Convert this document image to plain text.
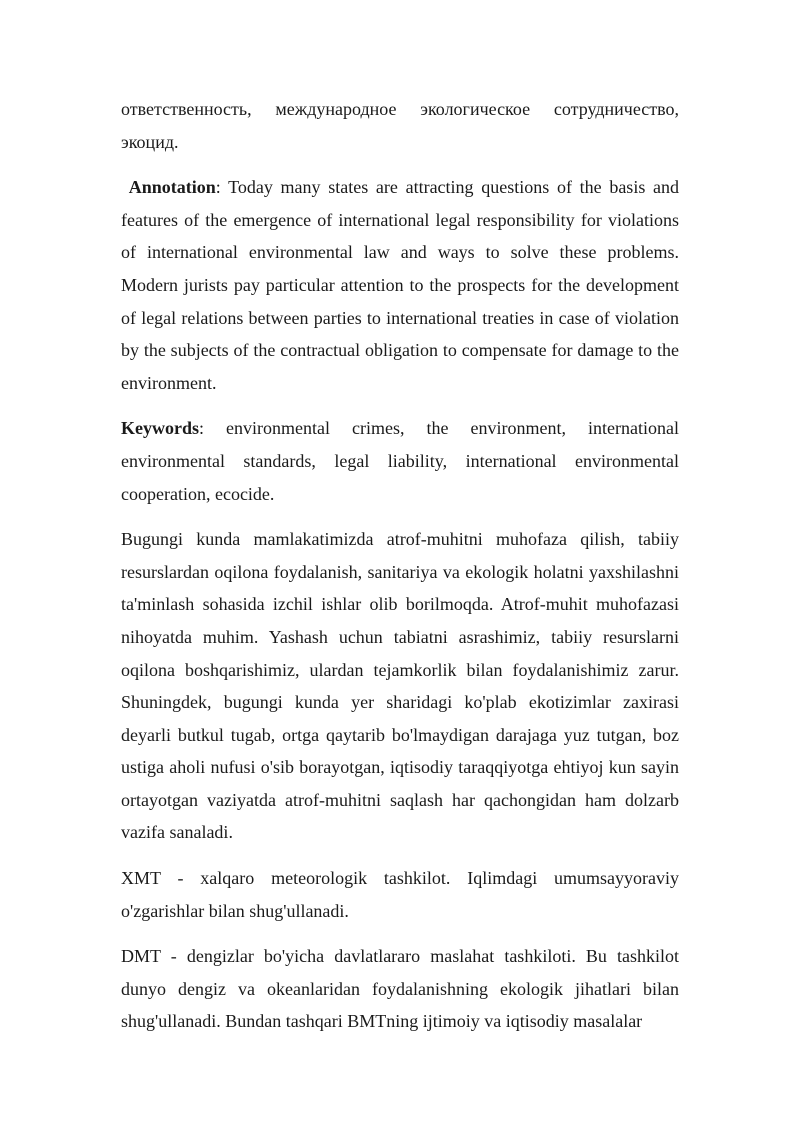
ответственность, международное экологическое сотрудничество, экоцид.

Annotation: Today many states are attracting questions of the basis and features of the emergence of international legal responsibility for violations of international environmental law and ways to solve these problems. Modern jurists pay particular attention to the prospects for the development of legal relations between parties to international treaties in case of violation by the subjects of the contractual obligation to compensate for damage to the environment.

Keywords: environmental crimes, the environment, international environmental standards, legal liability, international environmental cooperation, ecocide.

Bugungi kunda mamlakatimizda atrof-muhitni muhofaza qilish, tabiiy resurslardan oqilona foydalanish, sanitariya va ekologik holatni yaxshilashni ta'minlash sohasida izchil ishlar olib borilmoqda. Atrof-muhit muhofazasi nihoyatda muhim. Yashash uchun tabiatni asrashimiz, tabiiy resurslarni oqilona boshqarishimiz, ulardan tejamkorlik bilan foydalanishimiz zarur. Shuningdek, bugungi kunda yer sharidagi ko'plab ekotizimlar zaxirasi deyarli butkul tugab, ortga qaytarib bo'lmaydigan darajaga yuz tutgan, boz ustiga aholi nufusi o'sib borayotgan, iqtisodiy taraqqiyotga ehtiyoj kun sayin ortayotgan vaziyatda atrof-muhitni saqlash har qachongidan ham dolzarb vazifa sanaladi.

XMT - xalqaro meteorologik tashkilot. Iqlimdagi umumsayyoraviy o'zgarishlar bilan shug'ullanadi.

DMT - dengizlar bo'yicha davlatlararo maslahat tashkiloti. Bu tashkilot dunyo dengiz va okeanlaridan foydalanishning ekologik jihatlari bilan shug'ullanadi. Bundan tashqari BMTning ijtimoiy va iqtisodiy masalalar
